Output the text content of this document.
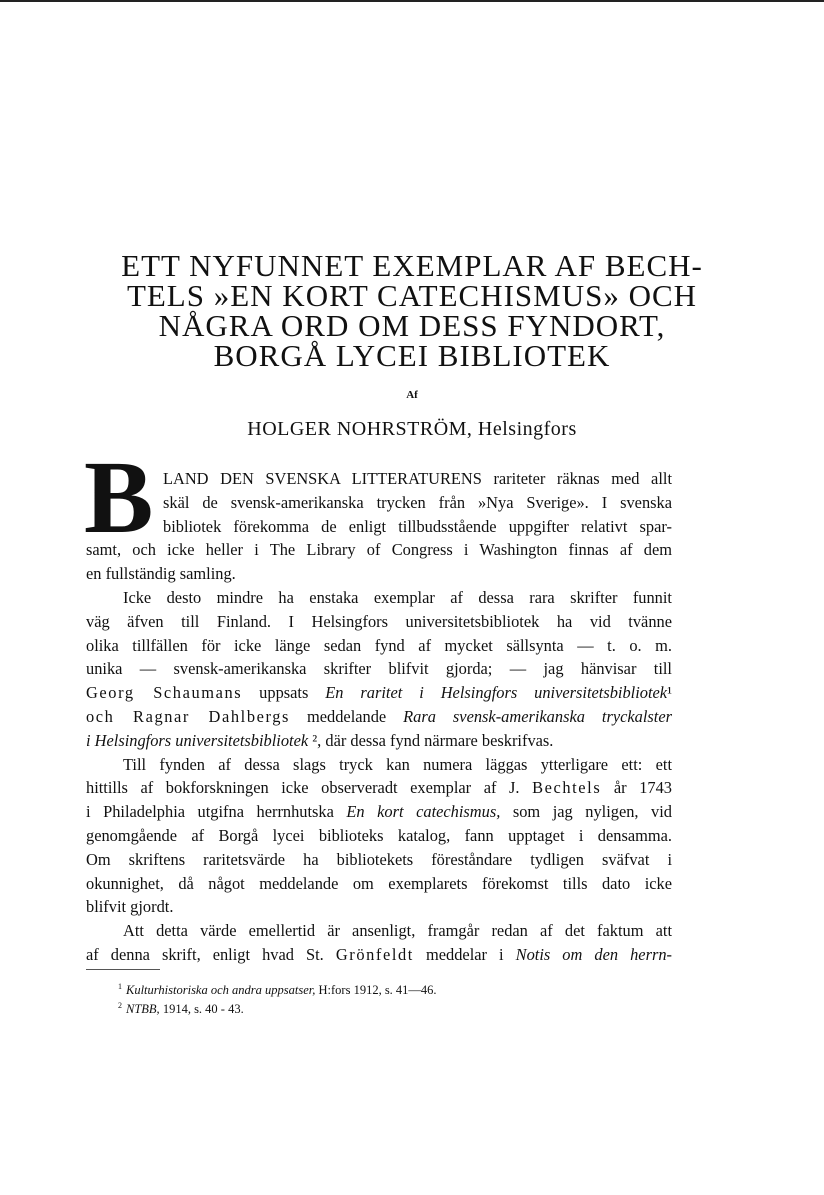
ETT NYFUNNET EXEMPLAR AF BECH-
TELS »EN KORT CATECHISMUS» OCH
NÅGRA ORD OM DESS FYNDORT,
BORGÅ LYCEI BIBLIOTEK
Af
HOLGER NOHRSTRÖM, Helsingfors
B LAND DEN SVENSKA LITTERATURENS rariteter räknas med allt
skäl de svensk-amerikanska trycken från »Nya Sverige». I svenska
bibliotek förekomma de enligt tillbudsstående uppgifter relativt spar-
samt, och icke heller i The Library of Congress i Washington finnas af dem
en fullständig samling.
Icke desto mindre ha enstaka exemplar af dessa rara skrifter funnit
väg äfven till Finland. I Helsingfors universitetsbibliotek ha vid tvänne
olika tillfällen för icke länge sedan fynd af mycket sällsynta — t. o. m.
unika — svensk-amerikanska skrifter blifvit gjorda; — jag hänvisar till
Georg Schaumans uppsats En raritet i Helsingfors universitetsbibliotek¹
och Ragnar Dahlbergs meddelande Rara svensk-amerikanska tryckalster
i Helsingfors universitetsbibliotek ², där dessa fynd närmare beskrifvas.
Till fynden af dessa slags tryck kan numera läggas ytterligare ett: ett
hittills af bokforskningen icke observeradt exemplar af J. Bechtels år 1743
i Philadelphia utgifna herrnhutska En kort catechismus, som jag nyligen, vid
genomgående af Borgå lycei biblioteks katalog, fann upptaget i densamma.
Om skriftens raritetsvärde ha bibliotekets föreståndare tydligen sväfvat i
okunnighet, då något meddelande om exemplarets förekomst tills dato icke
blifvit gjordt.
Att detta värde emellertid är ansenligt, framgår redan af det faktum att
af denna skrift, enligt hvad St. Grönfeldt meddelar i Notis om den herrn-
$^1$ Kulturhistoriska och andra uppsatser, H:fors 1912, s. 41—46.
$^2$ NTBB, 1914, s. 40 - 43.
